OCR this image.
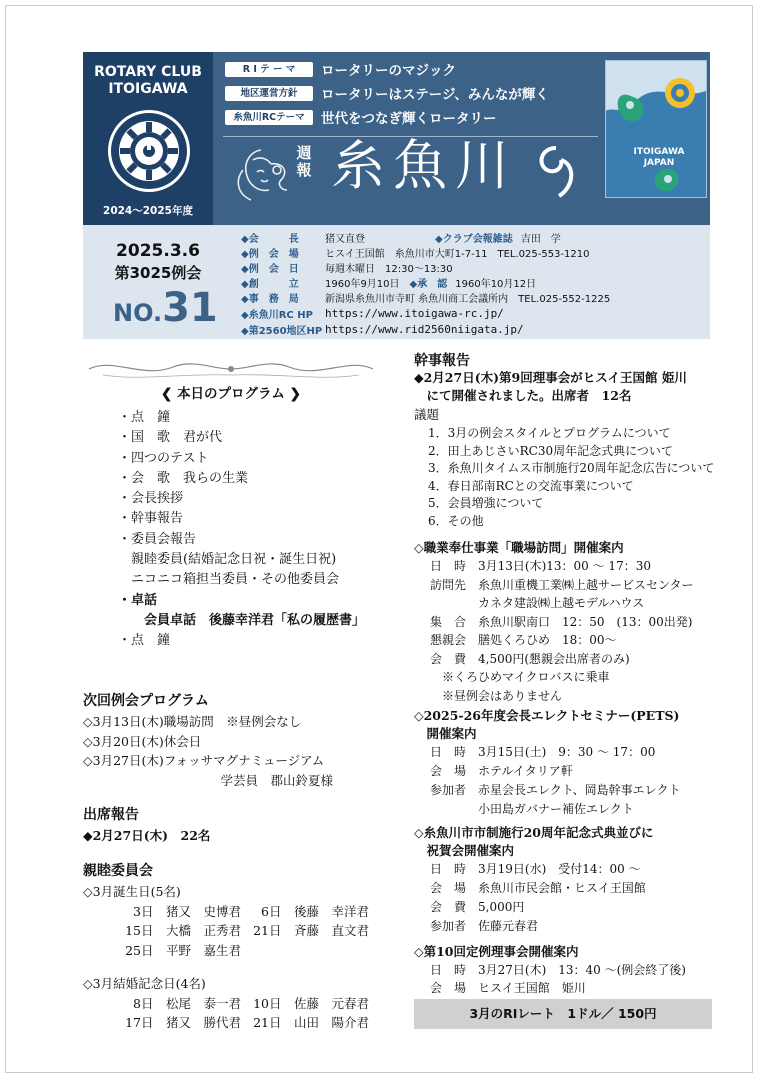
ROTARY CLUB
ITOIGAWA
2024～2025年度
R I テ ー マ	ロータリーのマジック
地区運営方針	ロータリーはステージ、みんなが輝く
糸魚川RCテーマ	世代をつなぎ輝くロータリー
週報 糸魚川	ITOIGAWA
JAPAN
2025.3.6
第3025例会
NO.31
◆会　　　長	猪又直登	◆クラブ会報雑誌 吉田　学
◆例　会　場	ヒスイ王国館　糸魚川市大町1-7-11　TEL.025-553-1210
◆例　会　日	毎週木曜日　12:30～13:30
◆創　　　立	1960年9月10日 ◆承　認 1960年10月12日
◆事　務　局	新潟県糸魚川市寺町 糸魚川商工会議所内　TEL.025-552-1225
◆糸魚川RC HP	https://www.itoigawa-rc.jp/
◆第2560地区HP https://www.rid2560niigata.jp/
❮ 本日のプログラム ❯
・点　鐘
・国　歌　君が代
・四つのテスト
・会　歌　我らの生業
・会長挨拶
・幹事報告
・委員会報告
　親睦委員(結婚記念日祝・誕生日祝)
　ニコニコ箱担当委員・その他委員会
・卓話
　　会員卓話　後藤幸洋君「私の履歴書」
・点　鐘
次回例会プログラム
◇3月13日(木)職場訪問　※昼例会なし
◇3月20日(木)休会日
◇3月27日(木)フォッサマグナミュージアム
　　　　　　　　　　　学芸員　郡山鈴夏様
出席報告
◆2月27日(木)　22名
親睦委員会
◇3月誕生日(5名)
3日　猪又　史博君	6日　後藤　幸洋君
15日　大橋　正秀君 21日　斉藤　直文君
25日　平野　嘉生君
◇3月結婚記念日(4名)
8日　松尾　泰一君 10日　佐藤　元春君
17日　猪又　勝代君 21日　山田　陽介君
幹事報告
◆2月27日(木)第9回理事会がヒスイ王国館 姫川
　にて開催されました。出席者　12名
議題
1．3月の例会スタイルとプログラムについて
2．田上あじさいRC30周年記念式典について
3．糸魚川タイムス市制施行20周年記念広告について
4．春日部南RCとの交流事業について
5．会員増強について
6．その他
◇職業奉仕事業「職場訪問」開催案内
日　時　3月13日(木)13：00 ～ 17：30
訪問先　糸魚川重機工業㈱上越サービスセンター
　　　　カネタ建設㈱上越モデルハウス
集　合　糸魚川駅南口　12：50　(13：00出発)
懇親会　膳処くろひめ　18：00～
会　費　4,500円(懇親会出席者のみ)
　※くろひめマイクロバスに乗車
　※昼例会はありません
◇2025-26年度会長エレクトセミナー(PETS)
　開催案内
日　時　3月15日(土)　9：30 ～ 17：00
会　場　ホテルイタリア軒
参加者　赤星会長エレクト、岡島幹事エレクト
　　　　小田島ガバナー補佐エレクト
◇糸魚川市市制施行20周年記念式典並びに
　祝賀会開催案内
日　時　3月19日(水)　受付14：00 ～
会　場　糸魚川市民会館・ヒスイ王国館
会　費　5,000円
参加者　佐藤元春君
◇第10回定例理事会開催案内
日　時　3月27日(木)　13：40 ～(例会終了後)
会　場　ヒスイ王国館　姫川
3月のRIレート　1ドル／ 150円
